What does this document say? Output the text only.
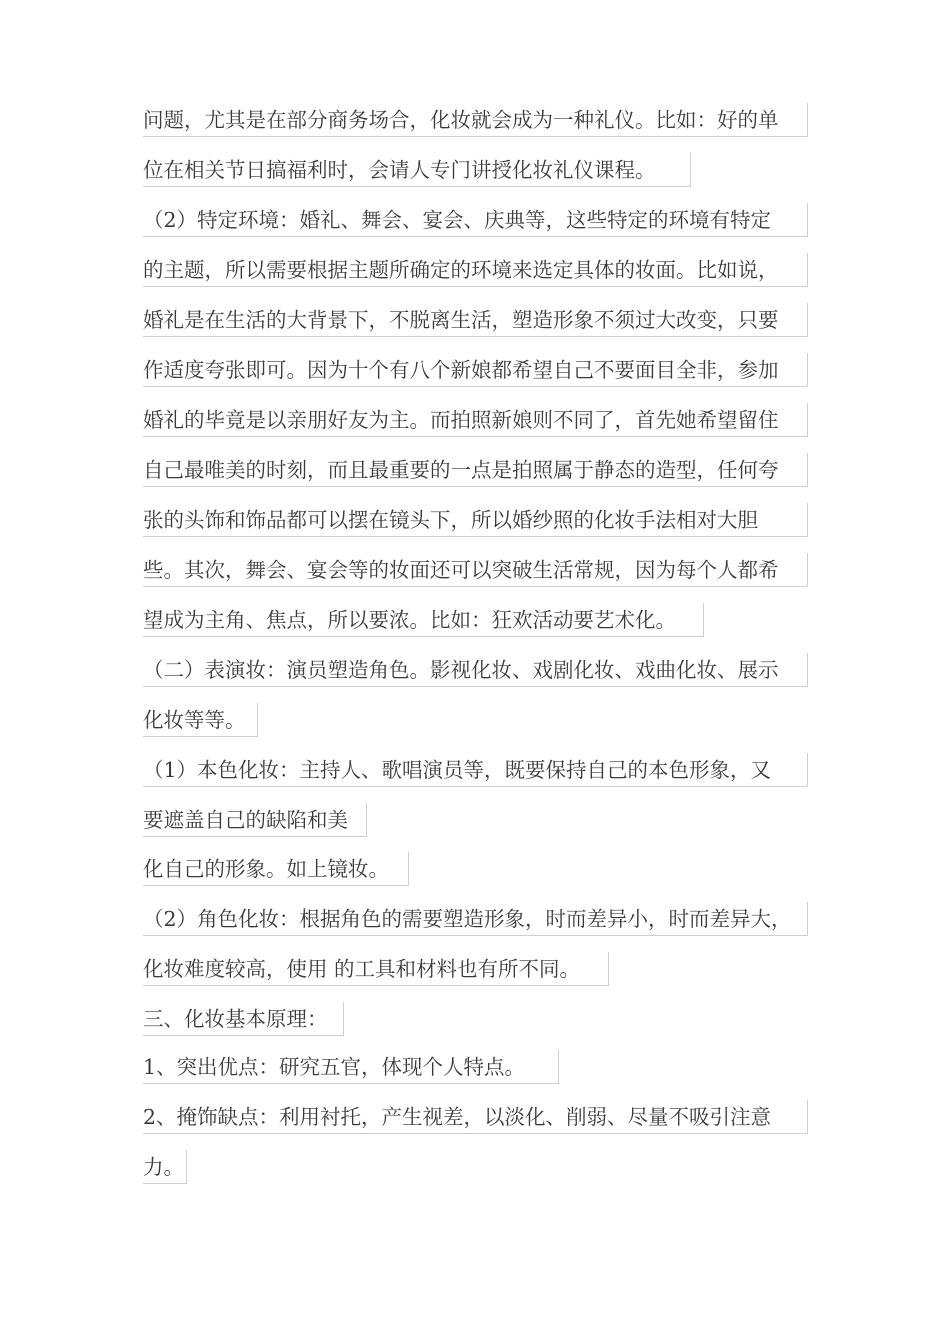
问题，尤其是在部分商务场合，化妆就会成为一种礼仪。比如：好的单
位在相关节日搞福利时，会请人专门讲授化妆礼仪课程。
（2）特定环境：婚礼、舞会、宴会、庆典等，这些特定的环境有特定
的主题，所以需要根据主题所确定的环境来选定具体的妆面。比如说，
婚礼是在生活的大背景下，不脱离生活，塑造形象不须过大改变，只要
作适度夸张即可。因为十个有八个新娘都希望自己不要面目全非，参加
婚礼的毕竟是以亲朋好友为主。而拍照新娘则不同了，首先她希望留住
自己最唯美的时刻，而且最重要的一点是拍照属于静态的造型，任何夸
张的头饰和饰品都可以摆在镜头下，所以婚纱照的化妆手法相对大胆
些。其次，舞会、宴会等的妆面还可以突破生活常规，因为每个人都希
望成为主角、焦点，所以要浓。比如：狂欢活动要艺术化。
（二）表演妆：演员塑造角色。影视化妆、戏剧化妆、戏曲化妆、展示
化妆等等。
（1）本色化妆：主持人、歌唱演员等，既要保持自己的本色形象，又
要遮盖自己的缺陷和美
化自己的形象。如上镜妆。
（2）角色化妆：根据角色的需要塑造形象，时而差异小，时而差异大，
化妆难度较高，使用 的工具和材料也有所不同。
三、化妆基本原理：
1、突出优点：研究五官，体现个人特点。
2、掩饰缺点：利用衬托，产生视差，以淡化、削弱、尽量不吸引注意
力。
